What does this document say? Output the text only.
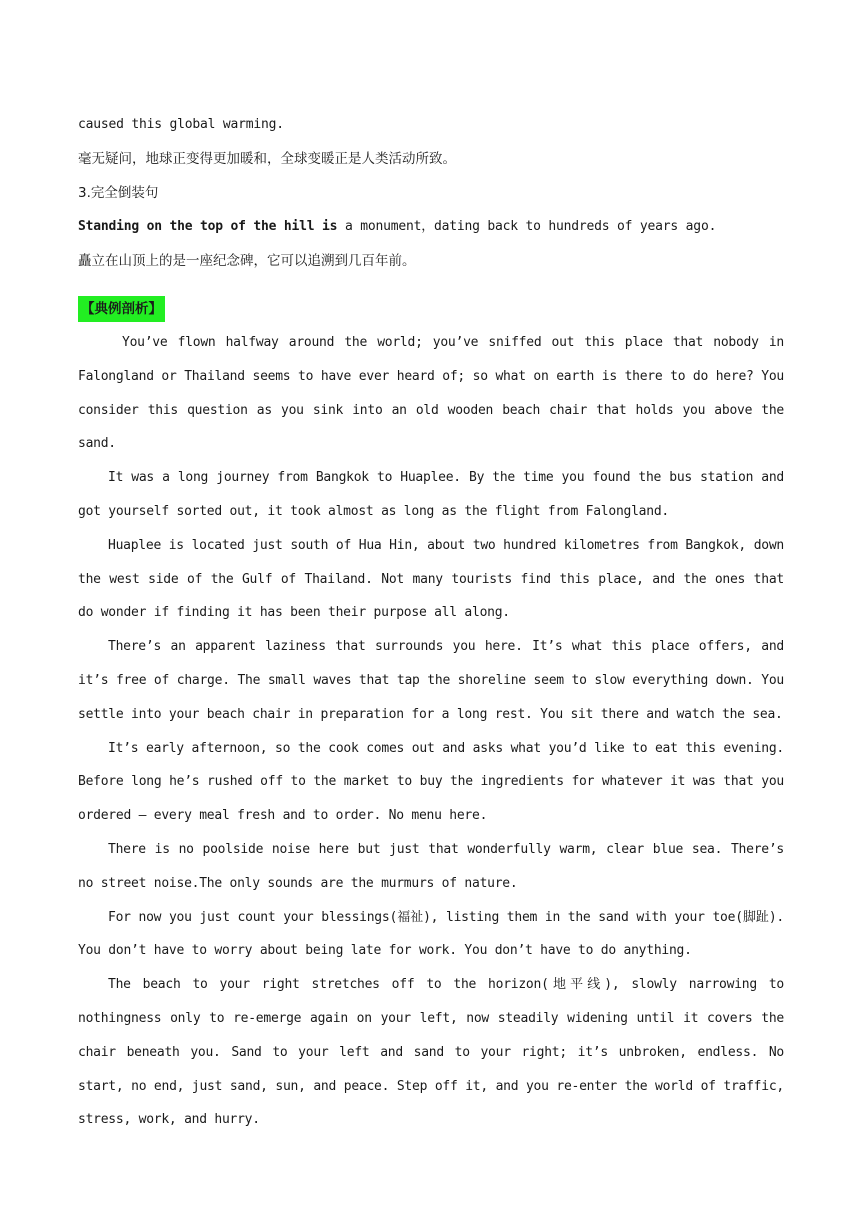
caused this global warming.
毫无疑问，地球正变得更加暖和，全球变暖正是人类活动所致。
3.完全倒装句
Standing on the top of the hill is a monument，dating back to hundreds of years ago.
矗立在山顶上的是一座纪念碑，它可以追溯到几百年前。
【典例剖析】

You’ve flown halfway around the world; you’ve sniffed out this place that nobody in Falongland or Thailand seems to have ever heard of; so what on earth is there to do here? You consider this question as you sink into an old wooden beach chair that holds you above the sand.

It was a long journey from Bangkok to Huaplee. By the time you found the bus station and got yourself sorted out, it took almost as long as the flight from Falongland.

Huaplee is located just south of Hua Hin, about two hundred kilometres from Bangkok, down the west side of the Gulf of Thailand. Not many tourists find this place, and the ones that do wonder if finding it has been their purpose all along.

There’s an apparent laziness that surrounds you here. It’s what this place offers, and it’s free of charge. The small waves that tap the shoreline seem to slow everything down. You settle into your beach chair in preparation for a long rest. You sit there and watch the sea.

It’s early afternoon, so the cook comes out and asks what you’d like to eat this evening. Before long he’s rushed off to the market to buy the ingredients for whatever it was that you ordered — every meal fresh and to order. No menu here.

There is no poolside noise here but just that wonderfully warm, clear blue sea. There’s no street noise.The only sounds are the murmurs of nature.

For now you just count your blessings(福祉), listing them in the sand with your toe(脚趾). You don’t have to worry about being late for work. You don’t have to do anything.

The beach to your right stretches off to the horizon(地平线), slowly narrowing to nothingness only to re-emerge again on your left, now steadily widening until it covers the chair beneath you. Sand to your left and sand to your right; it’s unbroken, endless. No start, no end, just sand, sun, and peace. Step off it, and you re-enter the world of traffic, stress, work, and hurry.
